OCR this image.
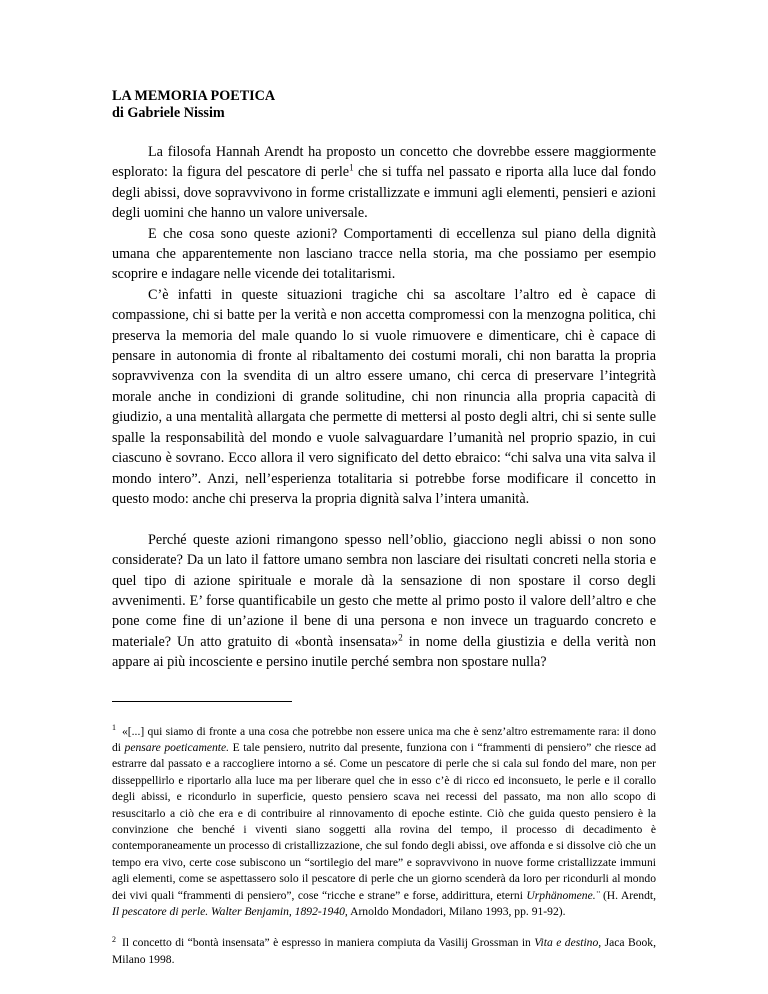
LA MEMORIA POETICA

di Gabriele Nissim

La filosofa Hannah Arendt ha proposto un concetto che dovrebbe essere maggiormente esplorato: la figura del pescatore di perle$^1$ che si tuffa nel passato e riporta alla luce dal fondo degli abissi, dove sopravvivono in forme cristallizzate e immuni agli elementi, pensieri e azioni degli uomini che hanno un valore universale.

E che cosa sono queste azioni? Comportamenti di eccellenza sul piano della dignità umana che apparentemente non lasciano tracce nella storia, ma che possiamo per esempio scoprire e indagare nelle vicende dei totalitarismi.

C’è infatti in queste situazioni tragiche chi sa ascoltare l’altro ed è capace di compassione, chi si batte per la verità e non accetta compromessi con la menzogna politica, chi preserva la memoria del male quando lo si vuole rimuovere e dimenticare, chi è capace di pensare in autonomia di fronte al ribaltamento dei costumi morali, chi non baratta la propria sopravvivenza con la svendita di un altro essere umano, chi cerca di preservare l’integrità morale anche in condizioni di grande solitudine, chi non rinuncia alla propria capacità di giudizio, a una mentalità allargata che permette di mettersi al posto degli altri, chi si sente sulle spalle la responsabilità del mondo e vuole salvaguardare l’umanità nel proprio spazio, in cui ciascuno è sovrano. Ecco allora il vero significato del detto ebraico: “chi salva una vita salva il mondo intero”. Anzi, nell’esperienza totalitaria si potrebbe forse modificare il concetto in questo modo: anche chi preserva la propria dignità salva l’intera umanità.

Perché queste azioni rimangono spesso nell’oblio, giacciono negli abissi o non sono considerate? Da un lato il fattore umano sembra non lasciare dei risultati concreti nella storia e quel tipo di azione spirituale e morale dà la sensazione di non spostare il corso degli avvenimenti. E’ forse quantificabile un gesto che mette al primo posto il valore dell’altro e che pone come fine di un’azione il bene di una persona e non invece un traguardo concreto e materiale? Un atto gratuito di «bontà insensata»$^2$ in nome della giustizia e della verità non appare ai più incosciente e persino inutile perché sembra non spostare nulla?

$^1$ «[...] qui siamo di fronte a una cosa che potrebbe non essere unica ma che è senz’altro estremamente rara: il dono di pensare poeticamente. E tale pensiero, nutrito dal presente, funziona con i “frammenti di pensiero” che riesce ad estrarre dal passato e a raccogliere intorno a sé. Come un pescatore di perle che si cala sul fondo del mare, non per disseppellirlo e riportarlo alla luce ma per liberare quel che in esso c’è di ricco ed inconsueto, le perle e il corallo degli abissi, e ricondurlo in superficie, questo pensiero scava nei recessi del passato, ma non allo scopo di resuscitarlo a ciò che era e di contribuire al rinnovamento di epoche estinte. Ciò che guida questo pensiero è la convinzione che benché i viventi siano soggetti alla rovina del tempo, il processo di decadimento è contemporaneamente un processo di cristallizzazione, che sul fondo degli abissi, ove affonda e si dissolve ciò che un tempo era vivo, certe cose subiscono un “sortilegio del mare” e sopravvivono in nuove forme cristallizzate immuni agli elementi, come se aspettassero solo il pescatore di perle che un giorno scenderà da loro per ricondurli al mondo dei vivi quali “frammenti di pensiero”, cose “ricche e strane” e forse, addirittura, eterni Urphänomene.¨ (H. Arendt, Il pescatore di perle. Walter Benjamin, 1892-1940, Arnoldo Mondadori, Milano 1993, pp. 91-92).

$^2$ Il concetto di “bontà insensata” è espresso in maniera compiuta da Vasilij Grossman in Vita e destino, Jaca Book, Milano 1998.
